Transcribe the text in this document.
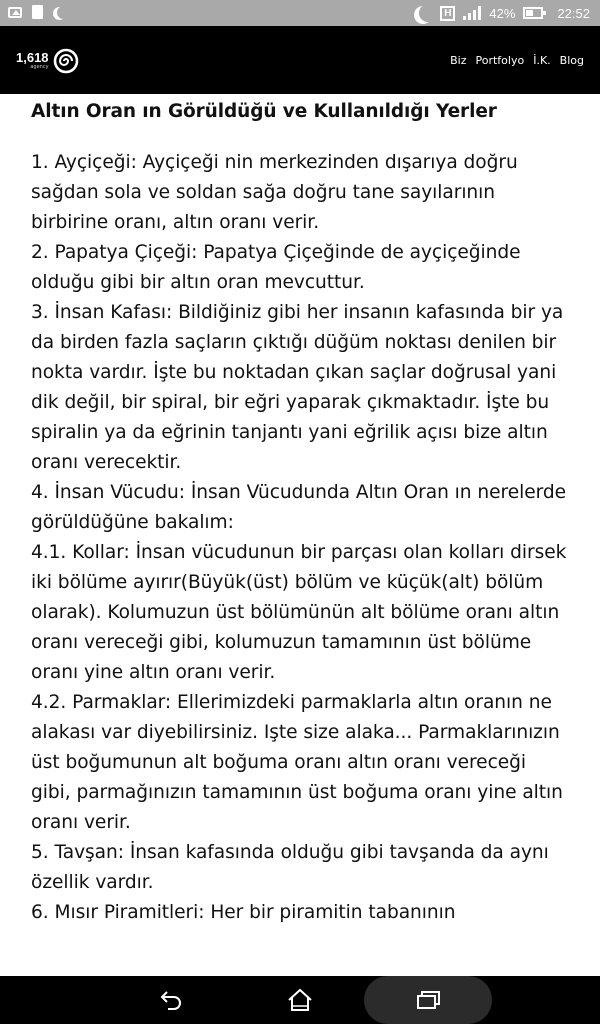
H	42%	22:52
1,618
agency	Biz Portfolyo İ.K. Blog
Altın Oran ın Görüldüğü ve Kullanıldığı Yerler

1. Ayçiçeği: Ayçiçeği nin merkezinden dışarıya doğru sağdan sola ve soldan sağa doğru tane sayılarının birbirine oranı, altın oranı verir.

2. Papatya Çiçeği: Papatya Çiçeğinde de ayçiçeğinde olduğu gibi bir altın oran mevcuttur.

3. İnsan Kafası: Bildiğiniz gibi her insanın kafasında bir ya da birden fazla saçların çıktığı düğüm noktası denilen bir nokta vardır. İşte bu noktadan çıkan saçlar doğrusal yani dik değil, bir spiral, bir eğri yaparak çıkmaktadır. İşte bu spiralin ya da eğrinin tanjantı yani eğrilik açısı bize altın oranı verecektir.

4. İnsan Vücudu: İnsan Vücudunda Altın Oran ın nerelerde görüldüğüne bakalım:

4.1. Kollar: İnsan vücudunun bir parçası olan kolları dirsek iki bölüme ayırır(Büyük(üst) bölüm ve küçük(alt) bölüm olarak). Kolumuzun üst bölümünün alt bölüme oranı altın oranı vereceği gibi, kolumuzun tamamının üst bölüme oranı yine altın oranı verir.

4.2. Parmaklar: Ellerimizdeki parmaklarla altın oranın ne alakası var diyebilirsiniz. Işte size alaka... Parmaklarınızın üst boğumunun alt boğuma oranı altın oranı vereceği gibi, parmağınızın tamamının üst boğuma oranı yine altın oranı verir.

5. Tavşan: İnsan kafasında olduğu gibi tavşanda da aynı özellik vardır.

6. Mısır Piramitleri: Her bir piramitin tabanının
